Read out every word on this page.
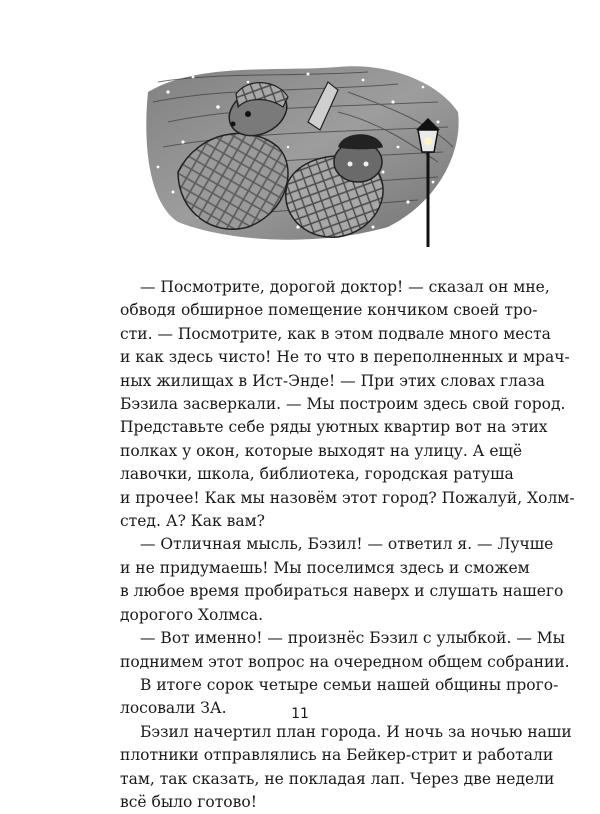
— Посмотрите, дорогой доктор! — сказал он мне,
обводя обширное помещение кончиком своей тро-
сти. — Посмотрите, как в этом подвале много места
и как здесь чисто! Не то что в переполненных и мрач-
ных жилищах в Ист-Энде! — При этих словах глаза
Бэзила засверкали. — Мы построим здесь свой город.
Представьте себе ряды уютных квартир вот на этих
полках у окон, которые выходят на улицу. А ещё
лавочки, школа, библиотека, городская ратуша
и прочее! Как мы назовём этот город? Пожалуй, Холм-
стед. А? Как вам?
— Отличная мысль, Бэзил! — ответил я. — Лучше
и не придумаешь! Мы поселимся здесь и сможем
в любое время пробираться наверх и слушать нашего
дорогого Холмса.
— Вот именно! — произнёс Бэзил с улыбкой. — Мы
поднимем этот вопрос на очередном общем собрании.
В итоге сорок четыре семьи нашей общины прого-
лосовали ЗА.
Бэзил начертил план города. И ночь за ночью наши
плотники отправлялись на Бейкер-стрит и работали
там, так сказать, не покладая лап. Через две недели
всё было готово!
11
